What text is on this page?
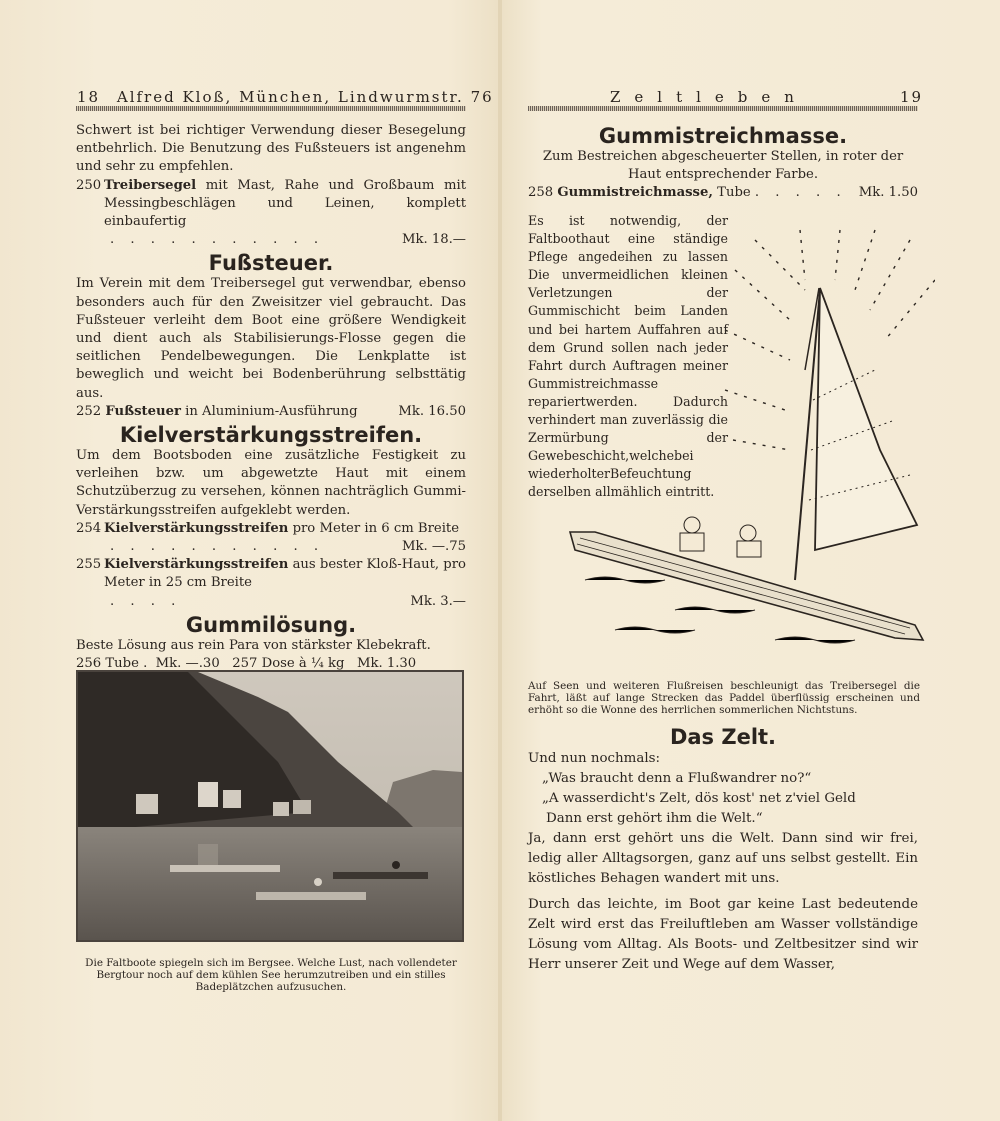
18 Alfred Kloß, München, Lindwurmstr. 76

Schwert ist bei richtiger Verwendung dieser Besegelung entbehrlich. Die Benutzung des Fußsteuers ist angenehm und sehr zu empfehlen.

250 Treibersegel mit Mast, Rahe und Großbaum mit Messingbeschlägen und Leinen, komplett einbaufertig
. . . . . . . . . . .	Mk. 18.—
Fußsteuer.

Im Verein mit dem Treibersegel gut verwendbar, ebenso besonders auch für den Zweisitzer viel gebraucht. Das Fußsteuer verleiht dem Boot eine größere Wendigkeit und dient auch als Stabilisierungs-Flosse gegen die seitlichen Pendelbewegungen. Die Lenkplatte ist beweglich und weicht bei Bodenberührung selbsttätig aus.

252 Fußsteuer in Aluminium-Ausführung	Mk. 16.50
Kielverstärkungsstreifen.

Um dem Bootsboden eine zusätzliche Festigkeit zu verleihen bzw. um abgewetzte Haut mit einem Schutzüberzug zu versehen, können nachträglich Gummi-Verstärkungsstreifen aufgeklebt werden.

254 Kielverstärkungsstreifen pro Meter in 6 cm Breite
. . . . . . . . . . .	Mk. —.75
255 Kielverstärkungsstreifen aus bester Kloß-Haut, pro Meter in 25 cm Breite
. . . .	Mk. 3.—
Gummilösung.

Beste Lösung aus rein Para von stärkster Klebekraft.

256 Tube .  Mk. —.30   257 Dose à ¼ kg   Mk. 1.30

Die Faltboote spiegeln sich im Bergsee. Welche Lust, nach vollendeter Bergtour noch auf dem kühlen See herumzutreiben und ein stilles Badeplätzchen aufzusuchen.
Zeltleben	19
Gummistreichmasse.

Zum Bestreichen abgescheuerter Stellen, in roter der Haut entsprechender Farbe.

258 Gummistreichmasse, Tube . . . . . Mk. 1.50
Es ist notwendig, der Faltboothaut eine ständige Pflege angedeihen zu lassen Die unvermeidlichen kleinen Verletzungen der Gummischicht beim Landen und bei hartem Auffahren auf dem Grund sollen nach jeder Fahrt durch Auftragen meiner Gummistreichmasse repariertwerden. Dadurch verhindert man zuverlässig die Zermürbung der Gewebeschicht,welchebei wiederholterBefeuchtung derselben allmählich eintritt.
Auf Seen und weiteren Flußreisen beschleunigt das Treibersegel die Fahrt, läßt auf lange Strecken das Paddel überflüssig erscheinen und erhöht so die Wonne des herrlichen sommerlichen Nichtstuns.
Das Zelt.

Und nun nochmals:

„Was braucht denn a Flußwandrer no?“

„A wasserdicht's Zelt, dös kost' net z'viel Geld

Dann erst gehört ihm die Welt.“

Ja, dann erst gehört uns die Welt. Dann sind wir frei, ledig aller Alltagsorgen, ganz auf uns selbst gestellt. Ein köstliches Behagen wandert mit uns.

Durch das leichte, im Boot gar keine Last bedeutende Zelt wird erst das Freiluftleben am Wasser vollständige Lösung vom Alltag. Als Boots- und Zeltbesitzer sind wir Herr unserer Zeit und Wege auf dem Wasser,
